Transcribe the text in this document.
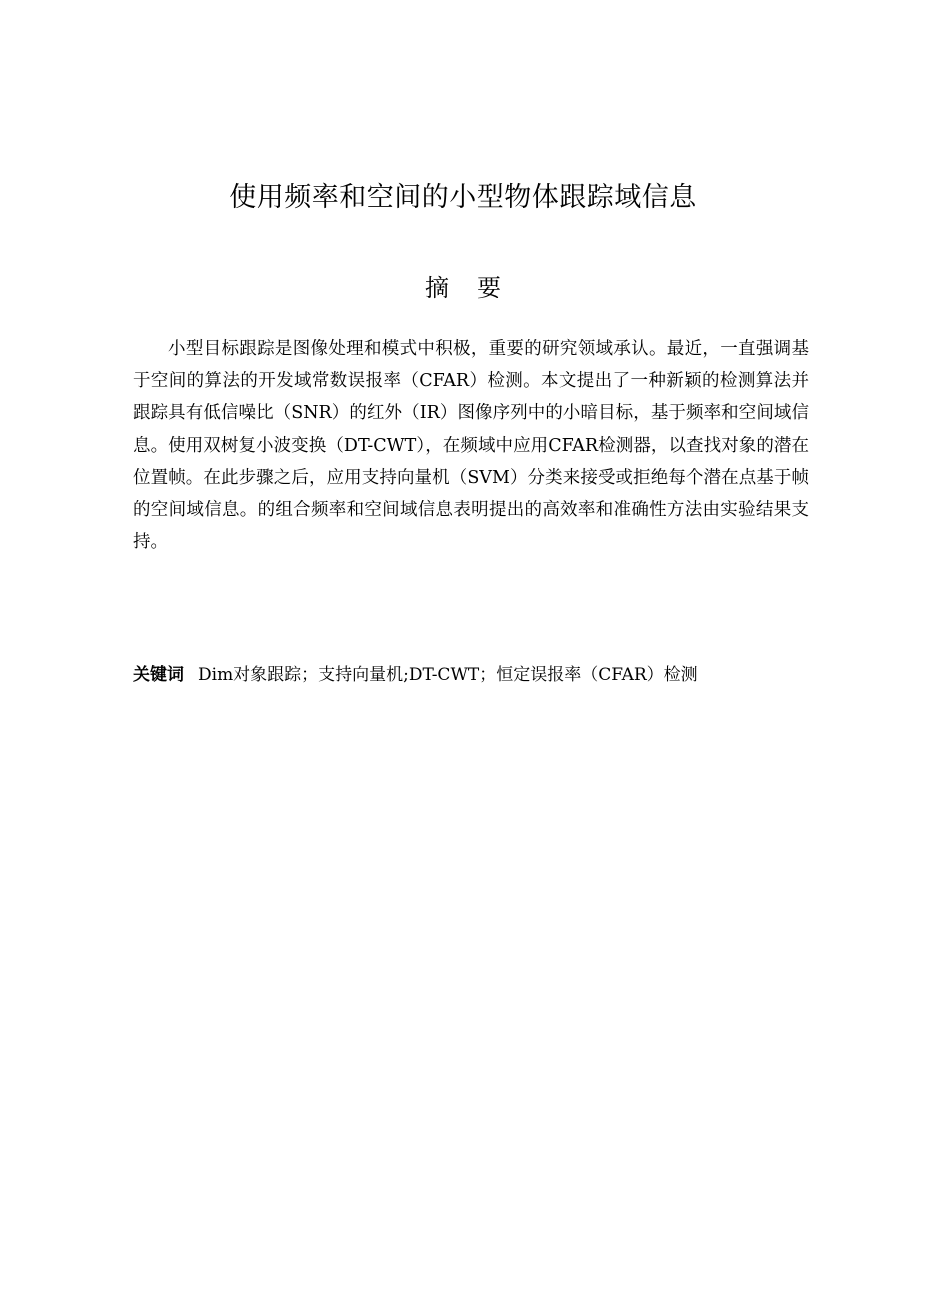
使用频率和空间的小型物体跟踪域信息
摘要

小型目标跟踪是图像处理和模式中积极，重要的研究领域承认。最近，一直强调基于空间的算法的开发域常数误报率（CFAR）检测。本文提出了一种新颖的检测算法并跟踪具有低信噪比（SNR）的红外（IR）图像序列中的小暗目标，基于频率和空间域信息。使用双树复小波变换（DT-CWT），在频域中应用CFAR检测器，以查找对象的潜在位置帧。在此步骤之后，应用支持向量机（SVM）分类来接受或拒绝每个潜在点基于帧的空间域信息。的组合频率和空间域信息表明提出的高效率和准确性方法由实验结果支持。

关键词 Dim对象跟踪；支持向量机;DT-CWT；恒定误报率（CFAR）检测
